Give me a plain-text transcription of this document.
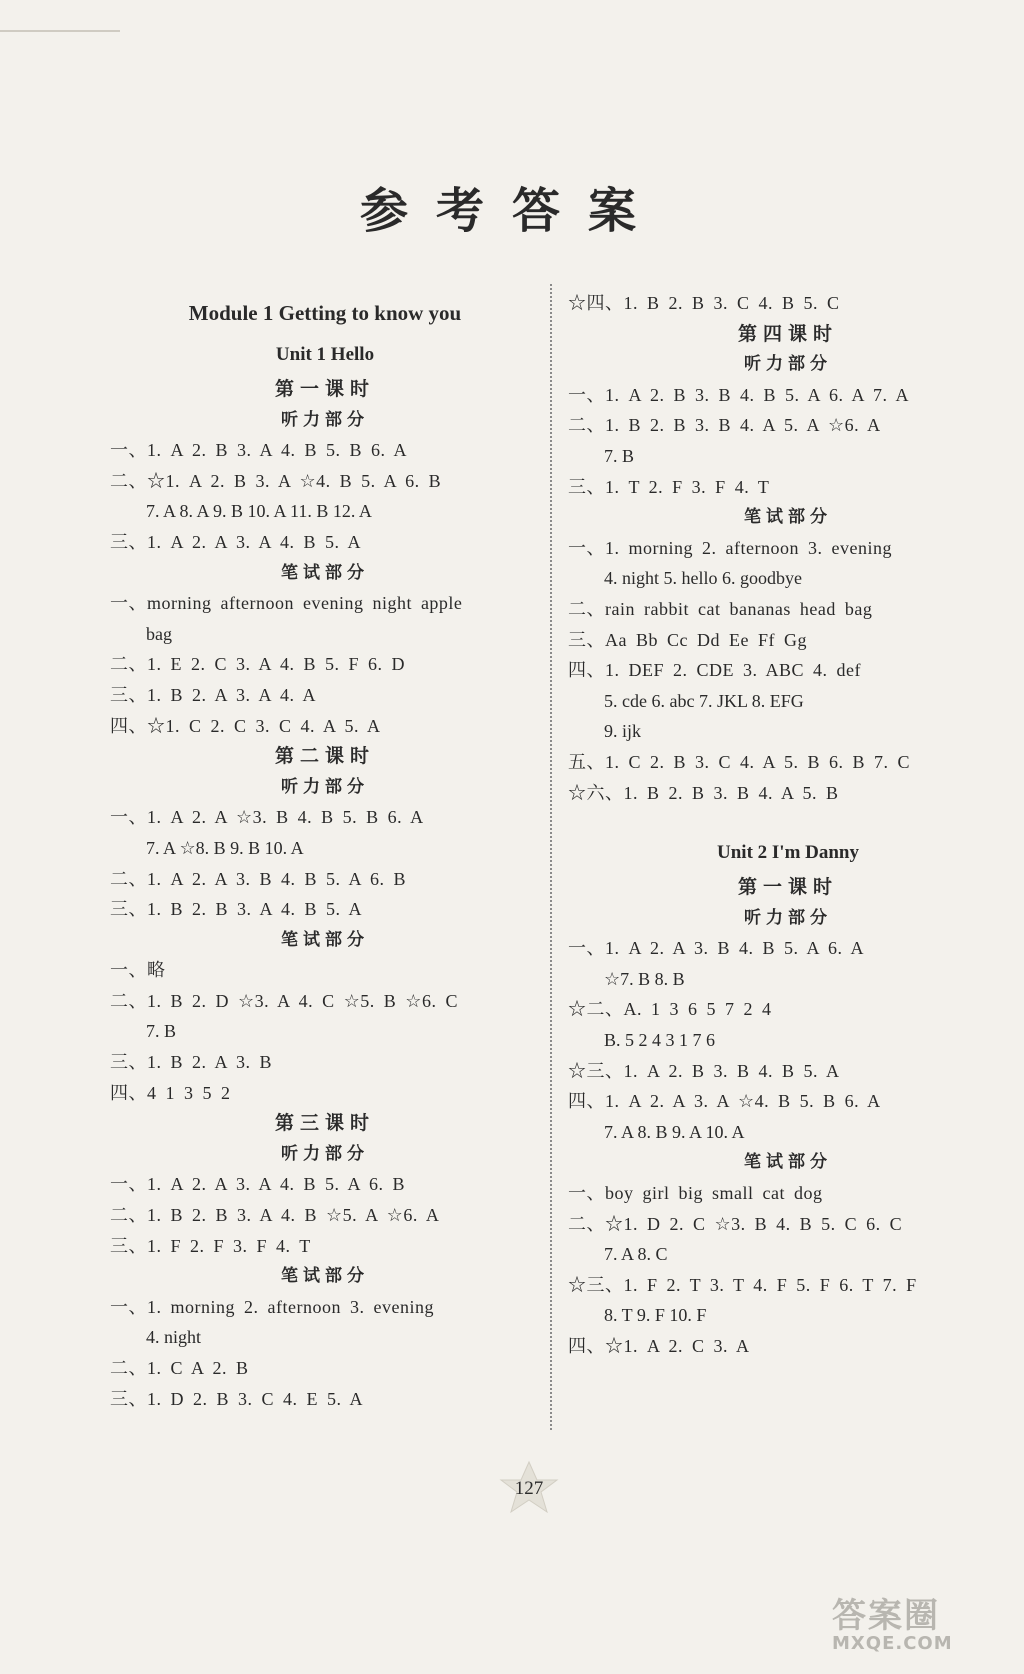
参考答案
Module 1 Getting to know you
Unit 1 Hello
第一课时
听力部分
一、1. A 2. B 3. A 4. B 5. B 6. A
二、☆1. A 2. B 3. A ☆4. B 5. A 6. B
7. A 8. A 9. B 10. A 11. B 12. A
三、1. A 2. A 3. A 4. B 5. A
笔试部分
一、morning afternoon evening night apple
bag
二、1. E 2. C 3. A 4. B 5. F 6. D
三、1. B 2. A 3. A 4. A
四、☆1. C 2. C 3. C 4. A 5. A
第二课时
听力部分
一、1. A 2. A ☆3. B 4. B 5. B 6. A
7. A ☆8. B 9. B 10. A
二、1. A 2. A 3. B 4. B 5. A 6. B
三、1. B 2. B 3. A 4. B 5. A
笔试部分
一、略
二、1. B 2. D ☆3. A 4. C ☆5. B ☆6. C
7. B
三、1. B 2. A 3. B
四、4 1 3 5 2
第三课时
听力部分
一、1. A 2. A 3. A 4. B 5. A 6. B
二、1. B 2. B 3. A 4. B ☆5. A ☆6. A
三、1. F 2. F 3. F 4. T
笔试部分
一、1. morning 2. afternoon 3. evening
4. night
二、1. C A 2. B
三、1. D 2. B 3. C 4. E 5. A
☆四、1. B 2. B 3. C 4. B 5. C
第四课时
听力部分
一、1. A 2. B 3. B 4. B 5. A 6. A 7. A
二、1. B 2. B 3. B 4. A 5. A ☆6. A
7. B
三、1. T 2. F 3. F 4. T
笔试部分
一、1. morning 2. afternoon 3. evening
4. night 5. hello 6. goodbye
二、rain rabbit cat bananas head bag
三、Aa Bb Cc Dd Ee Ff Gg
四、1. DEF 2. CDE 3. ABC 4. def
5. cde 6. abc 7. JKL 8. EFG
9. ijk
五、1. C 2. B 3. C 4. A 5. B 6. B 7. C
☆六、1. B 2. B 3. B 4. A 5. B
Unit 2 I'm Danny
第一课时
听力部分
一、1. A 2. A 3. B 4. B 5. A 6. A
☆7. B 8. B
☆二、A. 1 3 6 5 7 2 4
B. 5 2 4 3 1 7 6
☆三、1. A 2. B 3. B 4. B 5. A
四、1. A 2. A 3. A ☆4. B 5. B 6. A
7. A 8. B 9. A 10. A
笔试部分
一、boy girl big small cat dog
二、☆1. D 2. C ☆3. B 4. B 5. C 6. C
7. A 8. C
☆三、1. F 2. T 3. T 4. F 5. F 6. T 7. F
8. T 9. F 10. F
四、☆1. A 2. C 3. A
127
答案圈
MXQE.COM
